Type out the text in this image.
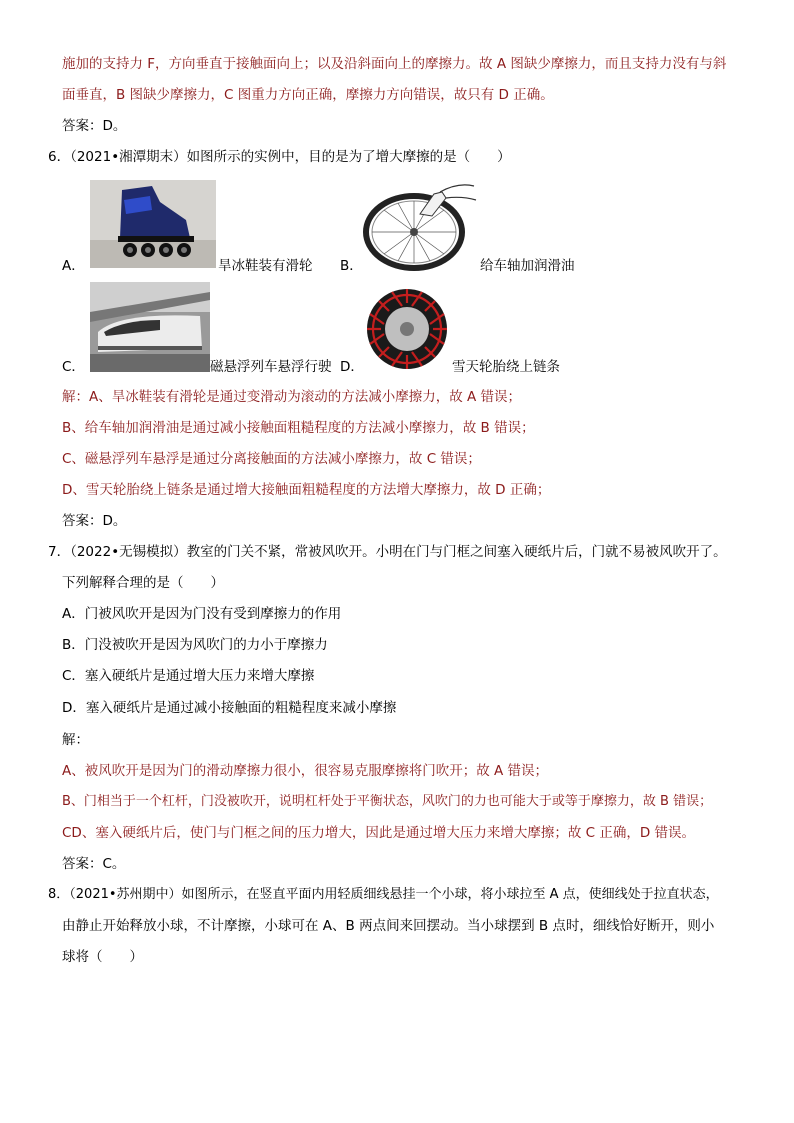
施加的支持力 F，方向垂直于接触面向上；以及沿斜面向上的摩擦力。故 A 图缺少摩擦力，而且支持力没有与斜
面垂直，B 图缺少摩擦力，C 图重力方向正确，摩擦力方向错误，故只有 D 正确。
答案：D。
6．（2021•湘潭期末）如图所示的实例中，目的是为了增大摩擦的是（　　）
A．	旱冰鞋装有滑轮 B．	给车轴加润滑油
C．	磁悬浮列车悬浮行驶 D．	雪天轮胎绕上链条
解：A、旱冰鞋装有滑轮是通过变滑动为滚动的方法减小摩擦力，故 A 错误；
B、给车轴加润滑油是通过减小接触面粗糙程度的方法减小摩擦力，故 B 错误；
C、磁悬浮列车悬浮是通过分离接触面的方法减小摩擦力，故 C 错误；
D、雪天轮胎绕上链条是通过增大接触面粗糙程度的方法增大摩擦力，故 D 正确；
答案：D。
7．（2022•无锡模拟）教室的门关不紧，常被风吹开。小明在门与门框之间塞入硬纸片后，门就不易被风吹开了。
下列解释合理的是（　　）
A．门被风吹开是因为门没有受到摩擦力的作用
B．门没被吹开是因为风吹门的力小于摩擦力
C．塞入硬纸片是通过增大压力来增大摩擦
D．塞入硬纸片是通过减小接触面的粗糙程度来减小摩擦
解：
A、被风吹开是因为门的滑动摩擦力很小，很容易克服摩擦将门吹开；故 A 错误；
B、门相当于一个杠杆，门没被吹开，说明杠杆处于平衡状态，风吹门的力也可能大于或等于摩擦力，故 B 错误；
CD、塞入硬纸片后，使门与门框之间的压力增大，因此是通过增大压力来增大摩擦；故 C 正确，D 错误。
答案：C。
8．（2021•苏州期中）如图所示，在竖直平面内用轻质细线悬挂一个小球，将小球拉至 A 点，使细线处于拉直状态，
由静止开始释放小球，不计摩擦，小球可在 A、B 两点间来回摆动。当小球摆到 B 点时，细线恰好断开，则小
球将（　　）
